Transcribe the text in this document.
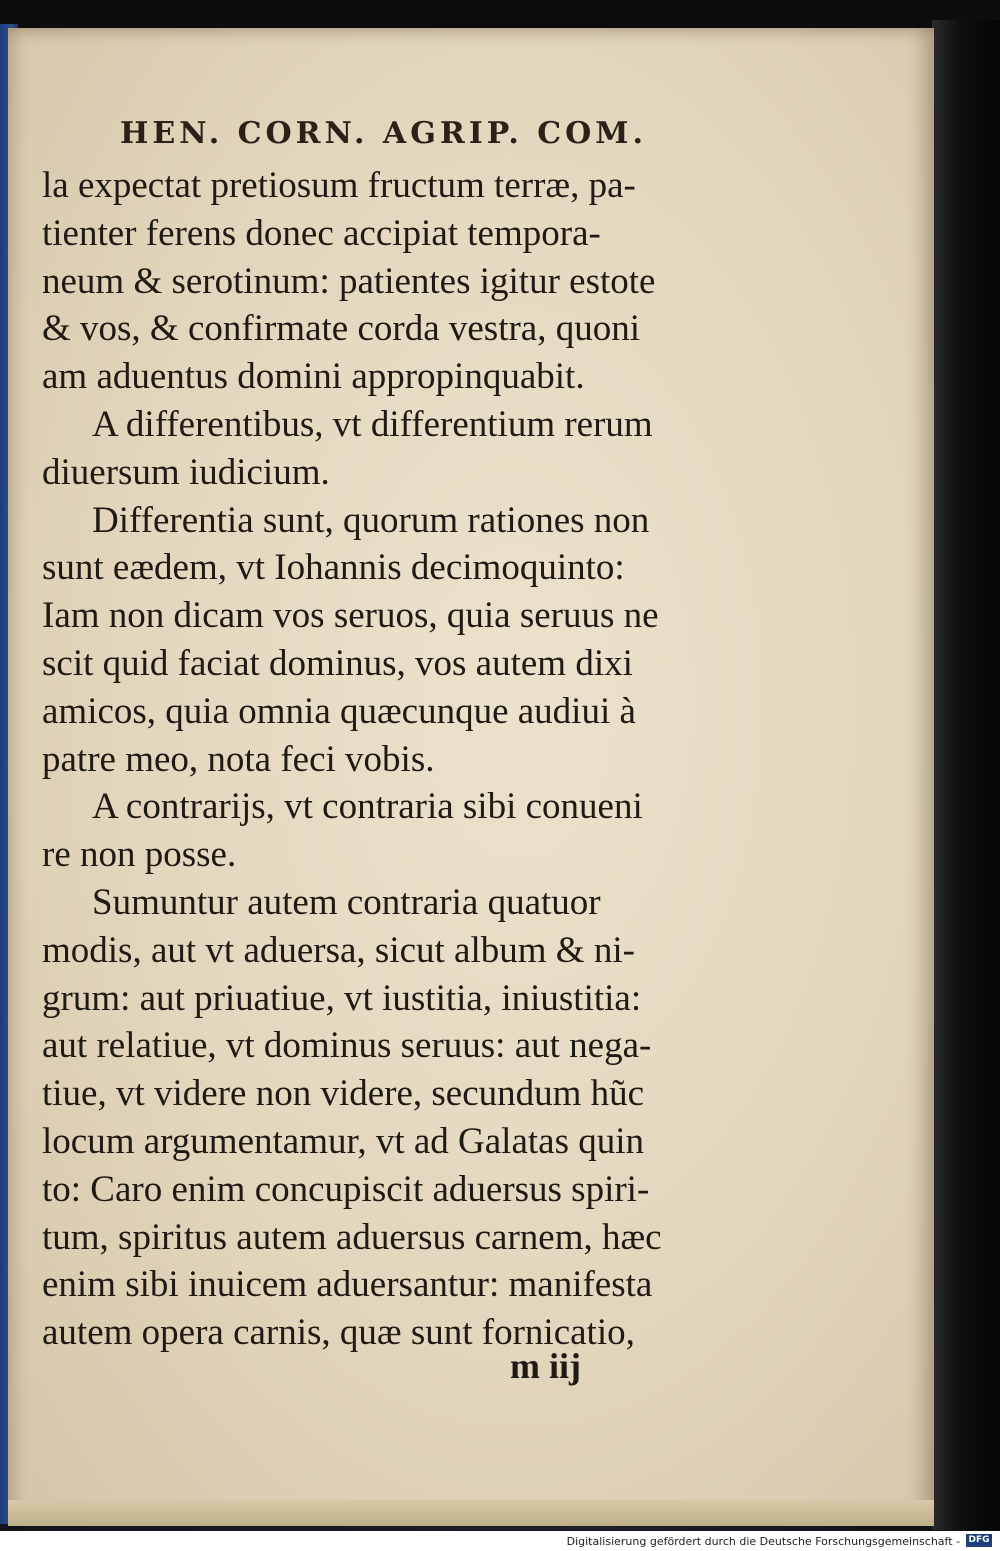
HEN. CORN. AGRIP. COM.
la expectat pretiosum fructum terræ, pa-
tienter ferens donec accipiat tempora-
neum & serotinum: patientes igitur estote
& vos, & confirmate corda vestra, quoni
am aduentus domini appropinquabit.
A differentibus, vt differentium rerum
diuersum iudicium.
Differentia sunt, quorum rationes non
sunt eædem, vt Iohannis decimoquinto:
Iam non dicam vos seruos, quia seruus ne
scit quid faciat dominus, vos autem dixi
amicos, quia omnia quæcunque audiui à
patre meo, nota feci vobis.
A contrarijs, vt contraria sibi conueni
re non posse.
Sumuntur autem contraria quatuor
modis, aut vt aduersa, sicut album & ni-
grum: aut priuatiue, vt iustitia, iniustitia:
aut relatiue, vt dominus seruus: aut nega-
tiue, vt videre non videre, secundum hũc
locum argumentamur, vt ad Galatas quin
to: Caro enim concupiscit aduersus spiri-
tum, spiritus autem aduersus carnem, hæc
enim sibi inuicem aduersantur: manifesta
autem opera carnis, quæ sunt fornicatio,
m iij
Digitalisierung gefördert durch die Deutsche Forschungsgemeinschaft - DFG
